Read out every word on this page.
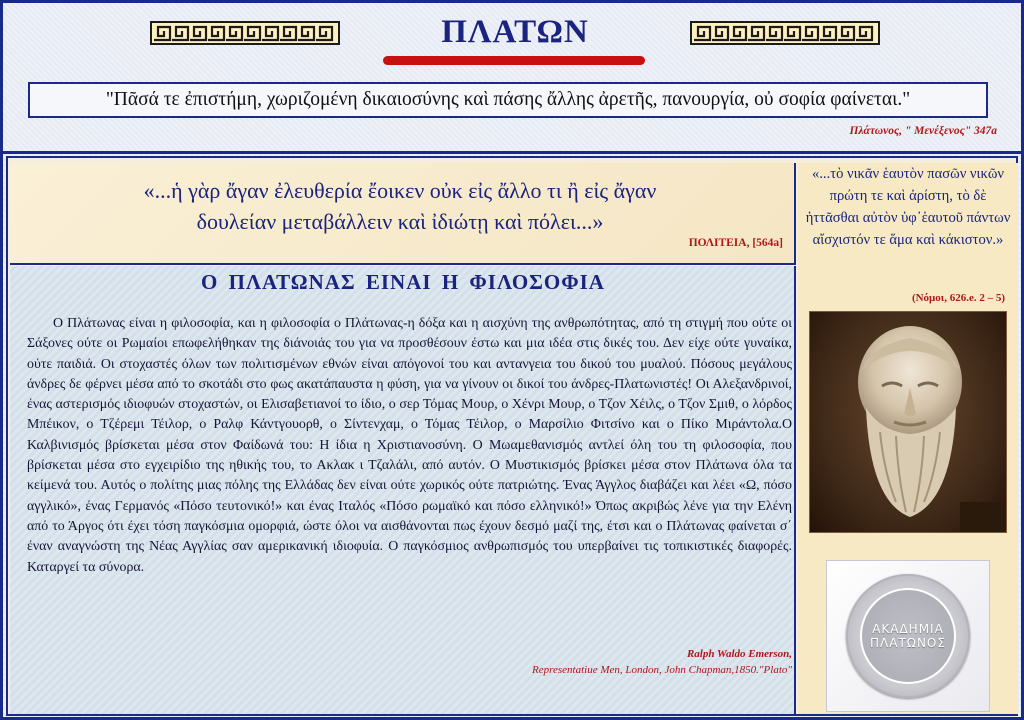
ΠΛΑΤΩΝ
"Πᾶσά τε ἐπιστήμη, χωριζομένη δικαιοσύνης καὶ πάσης ἄλλης ἀρετῆς, πανουργία, οὐ σοφία φαίνεται."
Πλάτωνος, " Μενέξενος" 347a
«...ἡ γὰρ ἄγαν ἐλευθερία ἔοικεν οὐκ εἰς ἄλλο τι ἢ εἰς ἄγαν
δουλείαν μεταβάλλειν καὶ ἰδιώτῃ καὶ πόλει...»
ΠΟΛΙΤΕΙΑ, [564a]
Ο ΠΛΑΤΩΝΑΣ ΕΙΝΑΙ Η ΦΙΛΟΣΟΦΙΑ
Ο Πλάτωνας είναι η φιλοσοφία, και η φιλοσοφία ο Πλάτωνας-η δόξα και η αισχύνη της ανθρωπότητας, από τη στιγμή που ούτε οι Σάξονες ούτε οι Ρωμαίοι επωφελήθηκαν της διάνοιάς του για να προσθέσουν έστω και μια ιδέα στις δικές του. Δεν είχε ούτε γυναίκα, ούτε παιδιά. Οι στοχαστές όλων των πολιτισμένων εθνών είναι απόγονοί του και αντανγεια του δικού του μυαλού. Πόσους μεγάλους άνδρες δε φέρνει μέσα από το σκοτάδι στο φως ακατάπαυστα η φύση, για να γίνουν οι δικοί του άνδρες-Πλατωνιστές! Οι Αλεξανδρινοί, ένας αστερισμός ιδιοφυών στοχαστών, οι Ελισαβετιανοί το ίδιο, ο σερ Τόμας Μουρ, ο Χένρι Μουρ, ο Τζον Χέιλς, ο Τζον Σμιθ, ο λόρδος Μπέικον, ο Τζέρεμι Τέιλορ, ο Ραλφ Κάντγουορθ, ο Σίντενχαμ, ο Τόμας Τέιλορ, ο Μαρσίλιο Φιτσίνο και ο Πίκο Μιράντολα.Ο Καλβινισμός βρίσκεται μέσα στον Φαίδωνά του: Η ίδια η Χριστιανοσύνη. Ο Μωαμεθανισμός αντλεί όλη του τη φιλοσοφία, που βρίσκεται μέσα στο εγχειρίδιο της ηθικής του, το Ακλακ ι Τζαλάλι, από αυτόν. Ο Μυστικισμός βρίσκει μέσα στον Πλάτωνα όλα τα κείμενά του. Αυτός ο πολίτης μιας πόλης της Ελλάδας δεν είναι ούτε χωρικός ούτε πατριώτης. Ένας Άγγλος διαβάζει και λέει «Ω, πόσο αγγλικό», ένας Γερμανός «Πόσο τευτονικό!» και ένας Ιταλός «Πόσο ρωμαϊκό και πόσο ελληνικό!» Όπως ακριβώς λένε για την Ελένη από το Άργος ότι έχει τόση παγκόσμια ομορφιά, ώστε όλοι να αισθάνονται πως έχουν δεσμό μαζί της, έτσι και ο Πλάτωνας φαίνεται σ΄ έναν αναγνώστη της Νέας Αγγλίας σαν αμερικανική ιδιοφυία. Ο παγκόσμιος ανθρωπισμός του υπερβαίνει τις τοπικιστικές διαφορές. Καταργεί τα σύνορα.
Ralph Waldo Emerson,
Representatiue Men, London, John Chapman,1850."Plato"
«...τὸ νικᾶν ἑαυτὸν πασῶν νικῶν πρώτη τε καὶ ἀρίστη, τὸ δὲ ἡττᾶσθαι αὐτὸν ὑφ᾽ἑαυτοῦ πάντων αἴσχιστόν τε ἅμα καὶ κάκιστον.»
(Νόμοι, 626.e. 2 – 5)
ΑΚΑΔΗΜΙΑ
ΠΛΑΤΩΝΟΣ
